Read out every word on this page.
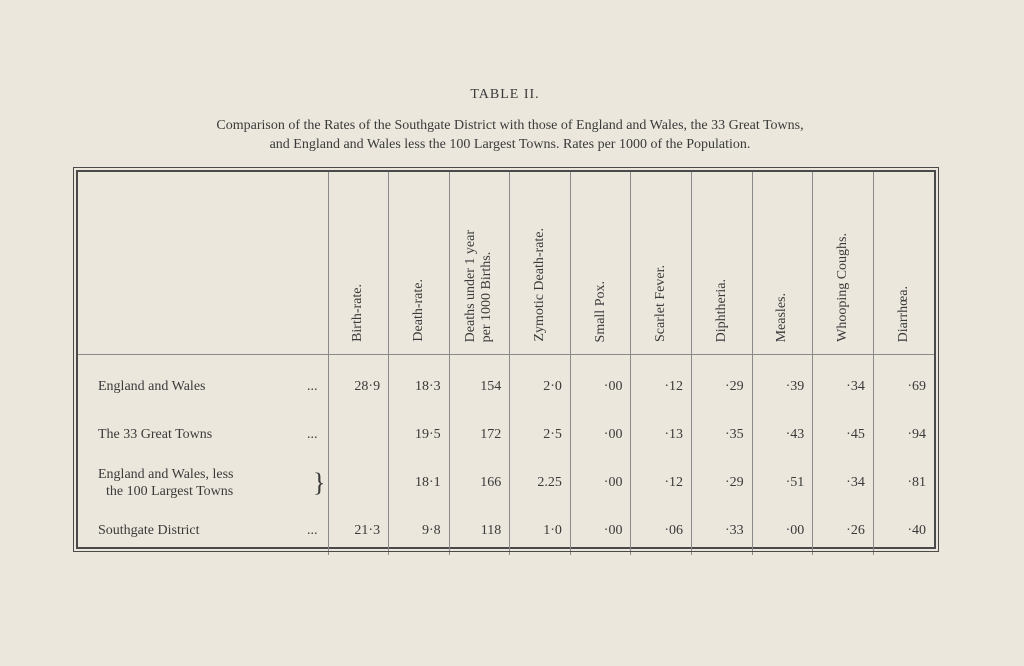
TABLE II.
Comparison of the Rates of the Southgate District with those of England and Wales, the 33 Great Towns,
and England and Wales less the 100 Largest Towns. Rates per 1000 of the Population.

	Birth-rate.	Death-rate.	Deaths under 1 year
per 1000 Births.	Zymotic Death-rate.	Small Pox.	Scarlet Fever.	Diphtheria.	Measles.	Whooping Coughs.	Diarrhœa.

England and Wales ...	28·9	18·3	154	2·0	·00	·12	·29	·39	·34	·69

The 33 Great Towns ...		19·5	172	2·5	·00	·13	·35	·43	·45	·94

England and Wales, less
the 100 Largest Towns }		18·1	166	2.25	·00	·12	·29	·51	·34	·81

Southgate District ...	21·3	9·8	118	1·0	·00	·06	·33	·00	·26	·40
